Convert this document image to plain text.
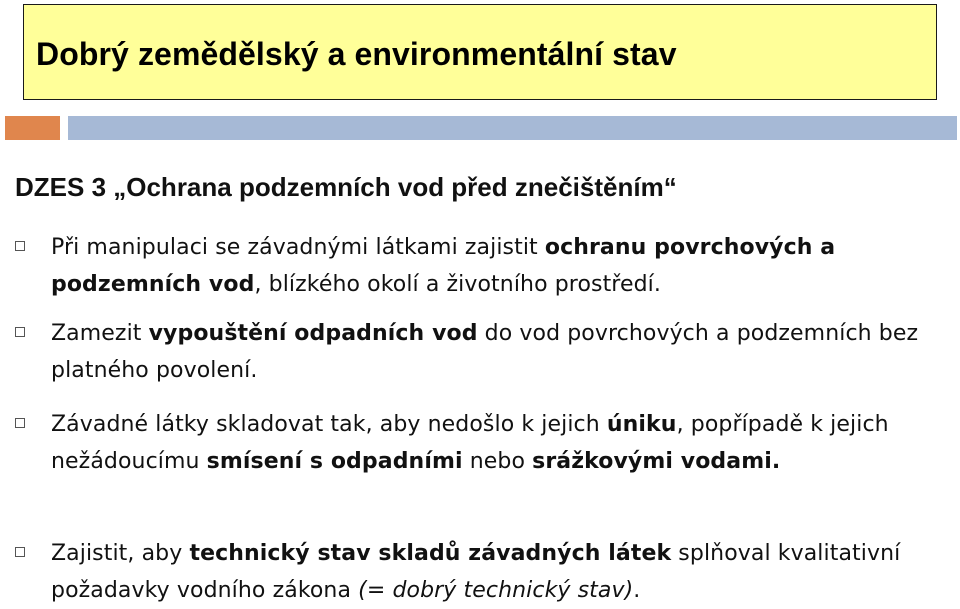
Dobrý zemědělský a environmentální stav
DZES 3 „Ochrana podzemních vod před znečištěním“

Při manipulaci se závadnými látkami zajistit ochranu povrchových a podzemních vod, blízkého okolí a životního prostředí.

Zamezit vypouštění odpadních vod do vod povrchových a podzemních bez platného povolení.

Závadné látky skladovat tak, aby nedošlo k jejich úniku, popřípadě k jejich nežádoucímu smísení s odpadními nebo srážkovými vodami.

Zajistit, aby technický stav skladů závadných látek splňoval kvalitativní požadavky vodního zákona (= dobrý technický stav).
